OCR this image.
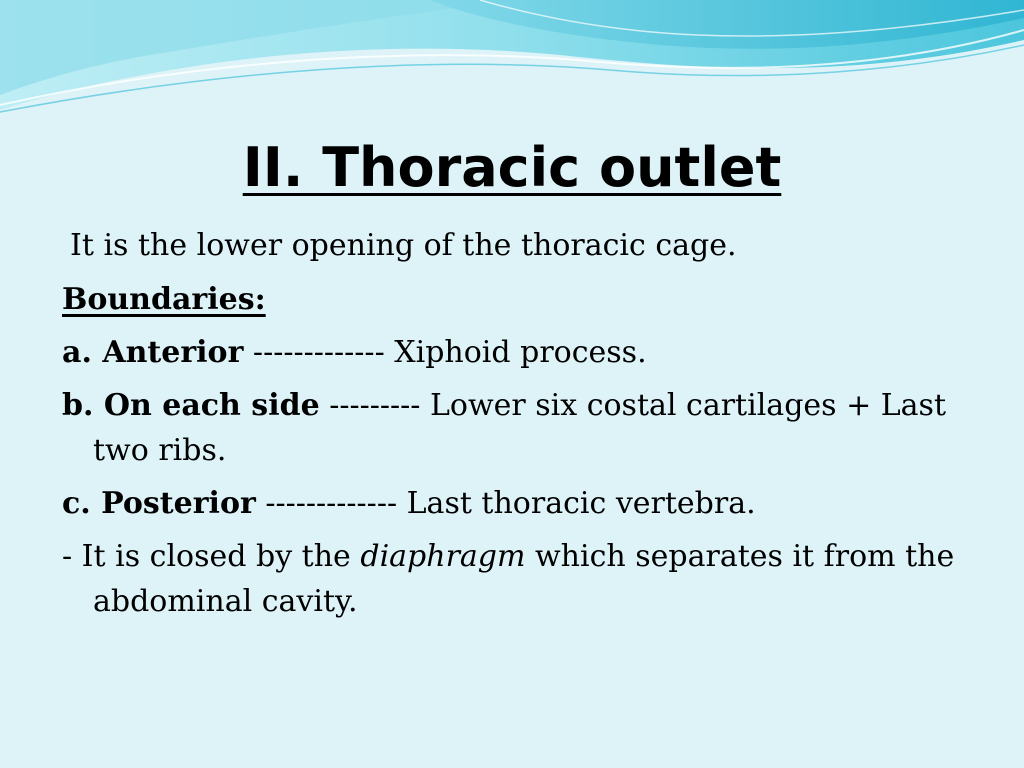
II. Thoracic outlet

It is the lower opening of the thoracic cage.

Boundaries:

a. Anterior ------------- Xiphoid process.

b. On each side --------- Lower six costal cartilages + Last two ribs.

c. Posterior ------------- Last thoracic vertebra.

- It is closed by the diaphragm which separates it from the abdominal cavity.
